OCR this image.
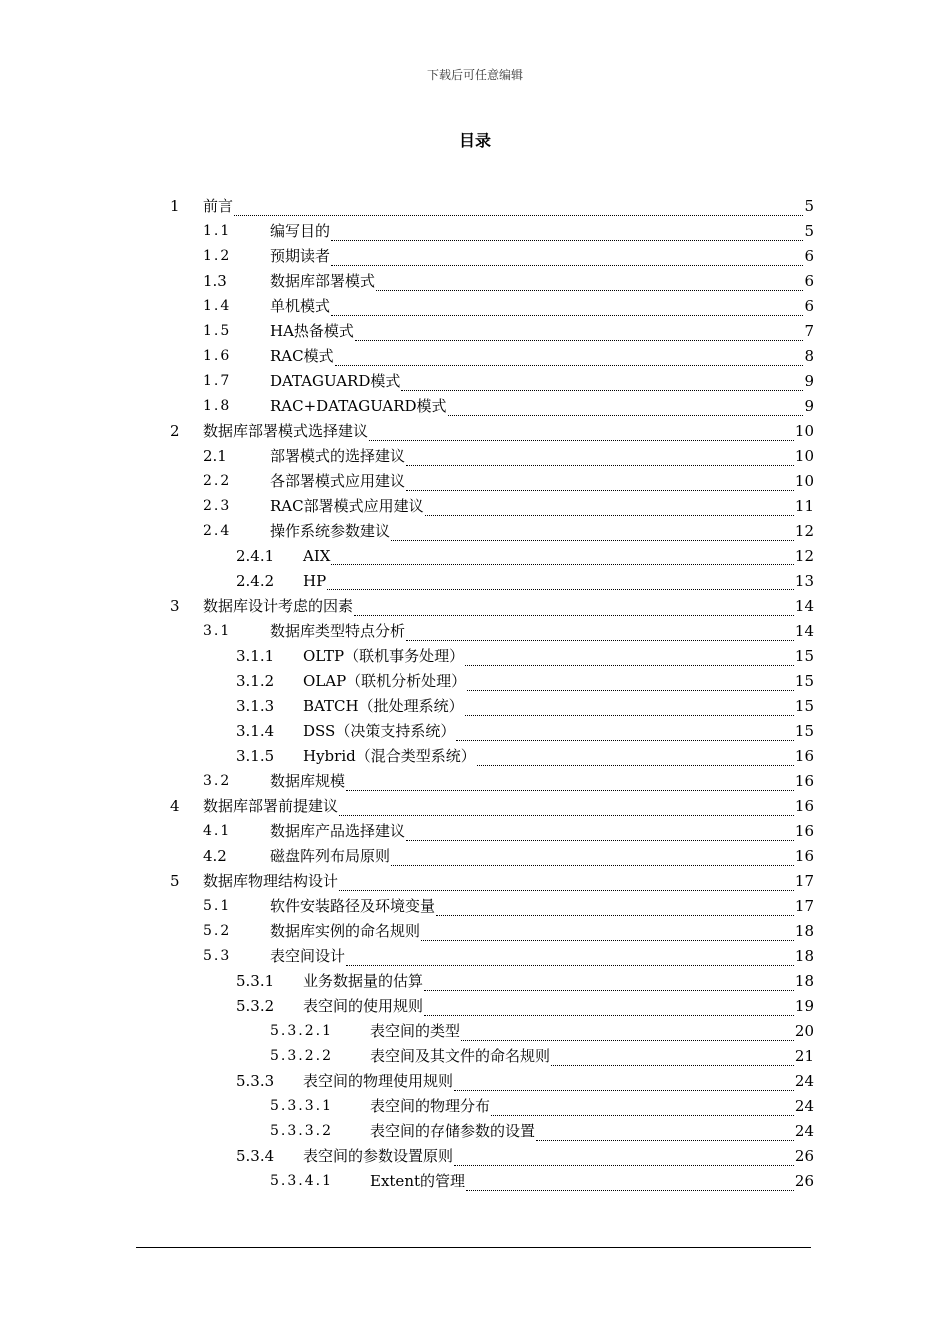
下载后可任意编辑
目录
1 前言	5
1.1	编写目的	5
1.2	预期读者	6
1.3	数据库部署模式	6
1.4	单机模式	6
1.5	HA热备模式	7
1.6	RAC模式	8
1.7	DATAGUARD模式	9
1.8	RAC+DATAGUARD模式	9
2 数据库部署模式选择建议	10
2.1	部署模式的选择建议	10
2.2	各部署模式应用建议	10
2.3	RAC部署模式应用建议	11
2.4	操作系统参数建议	12
2.4.1 AIX	12
2.4.2 HP	13
3 数据库设计考虑的因素	14
3.1	数据库类型特点分析	14
3.1.1 OLTP（联机事务处理）	15
3.1.2 OLAP（联机分析处理）	15
3.1.3 BATCH（批处理系统）	15
3.1.4 DSS（决策支持系统）	15
3.1.5 Hybrid（混合类型系统）	16
3.2	数据库规模	16
4 数据库部署前提建议	16
4.1	数据库产品选择建议	16
4.2	磁盘阵列布局原则	16
5 数据库物理结构设计	17
5.1	软件安装路径及环境变量	17
5.2	数据库实例的命名规则	18
5.3	表空间设计	18
5.3.1 业务数据量的估算	18
5.3.2 表空间的使用规则	19
5.3.2.1 表空间的类型	20
5.3.2.2 表空间及其文件的命名规则	21
5.3.3 表空间的物理使用规则	24
5.3.3.1 表空间的物理分布	24
5.3.3.2 表空间的存储参数的设置	24
5.3.4 表空间的参数设置原则	26
5.3.4.1 Extent的管理	26
